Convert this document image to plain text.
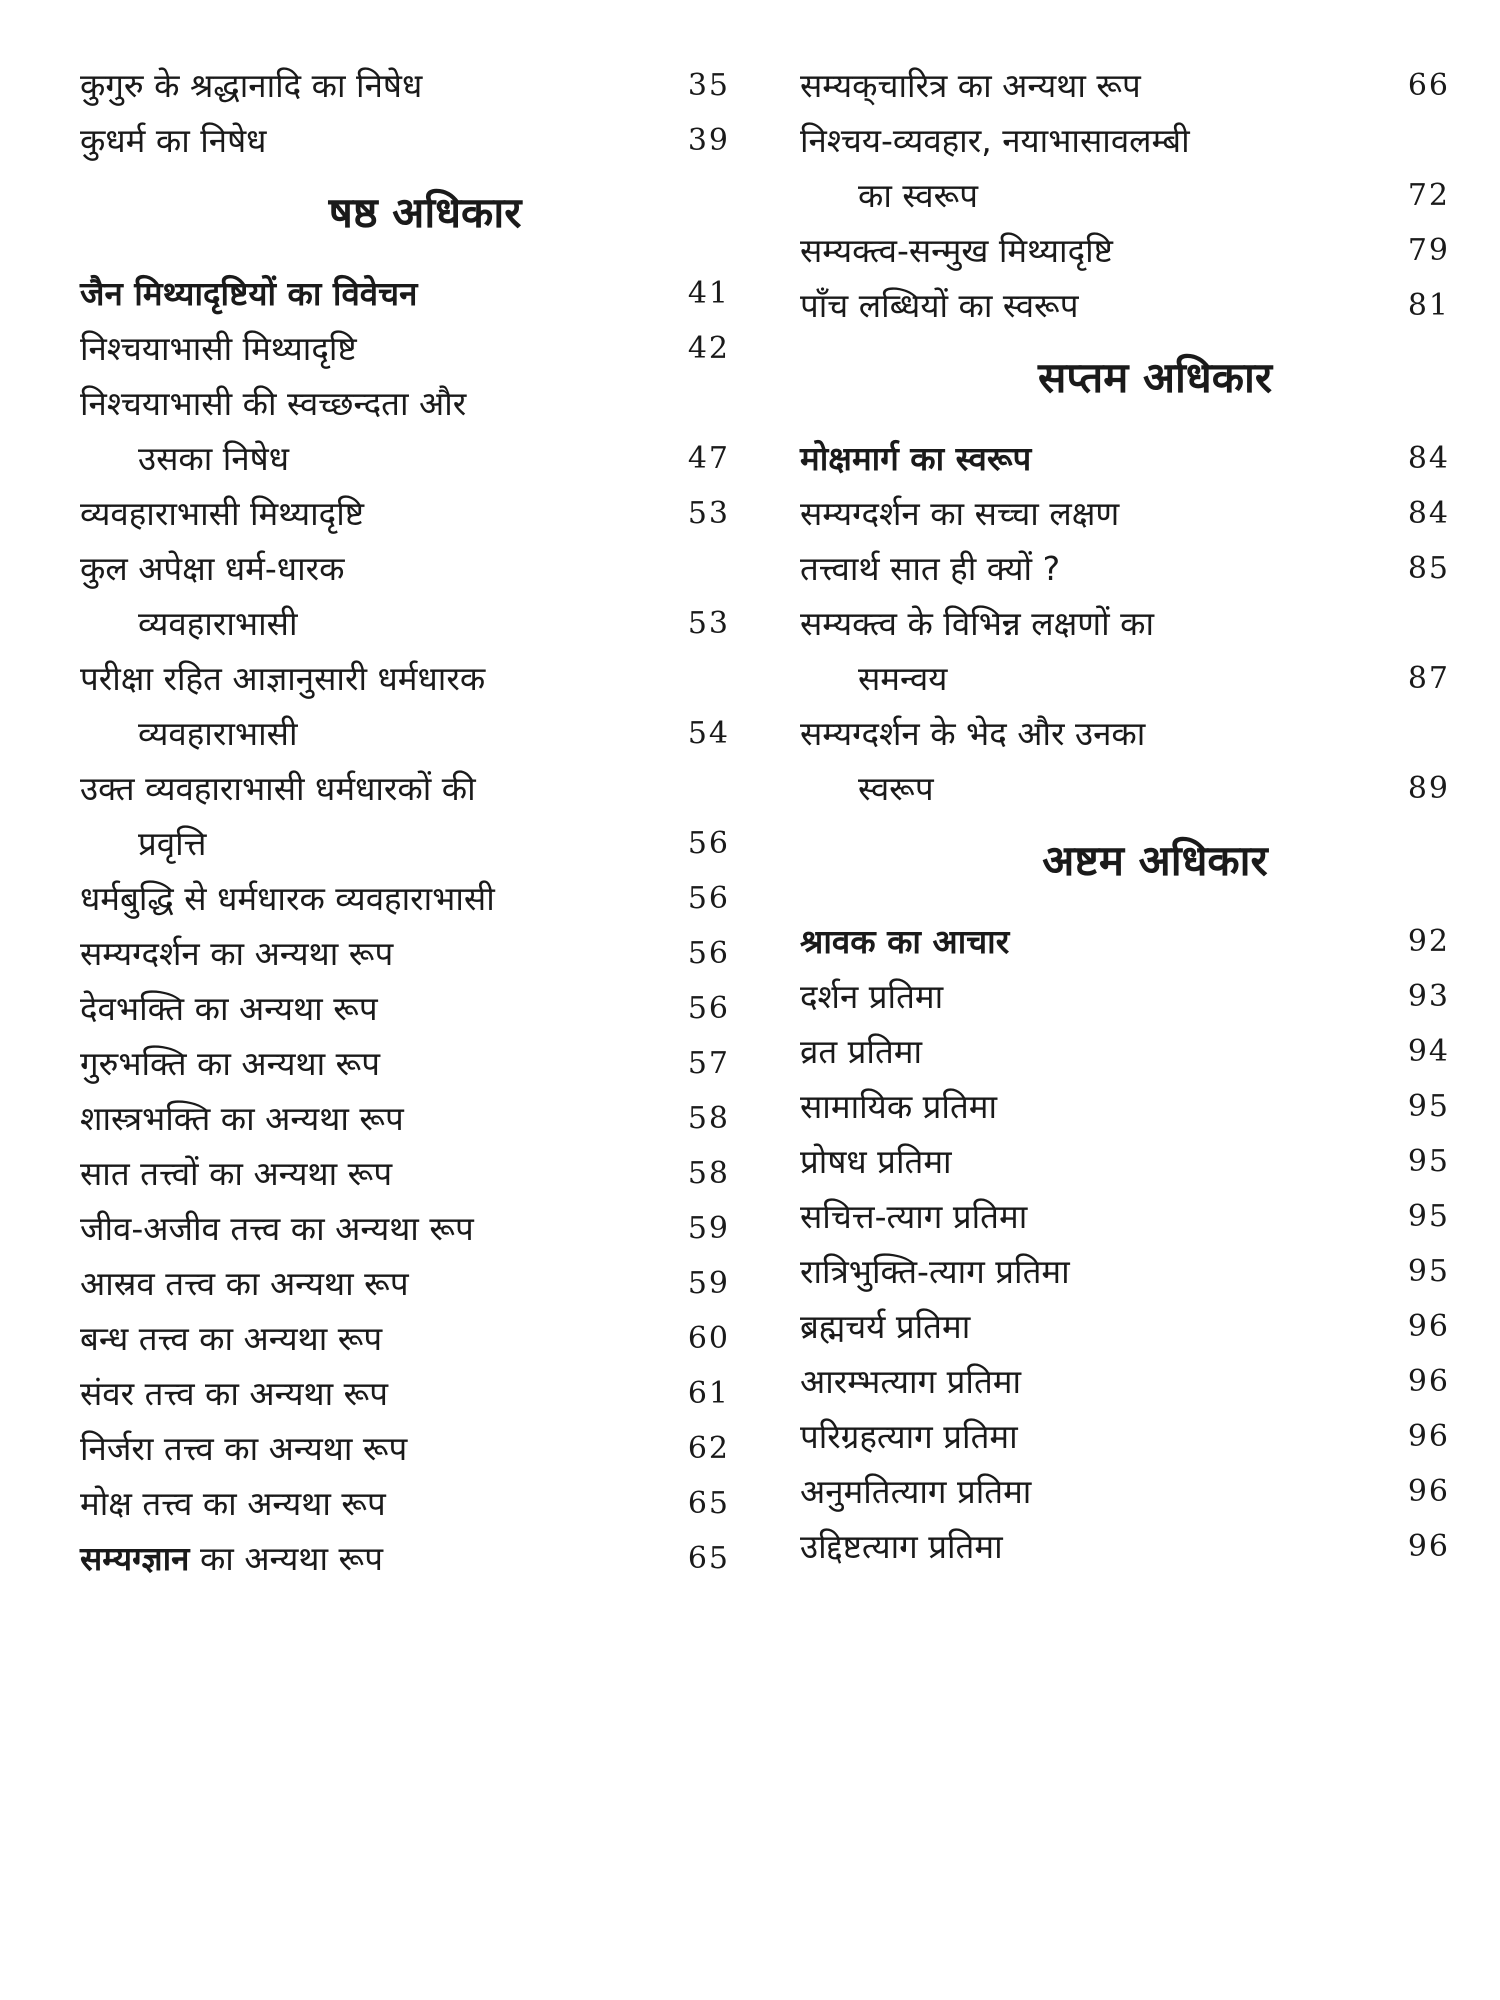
कुगुरु के श्रद्धानादि का निषेध	35
कुधर्म का निषेध	39
षष्ठ अधिकार
जैन मिथ्यादृष्टियों का विवेचन	41
निश्चयाभासी मिथ्यादृष्टि	42
निश्चयाभासी की स्वच्छन्दता और
उसका निषेध	47
व्यवहाराभासी मिथ्यादृष्टि	53
कुल अपेक्षा धर्म-धारक
व्यवहाराभासी	53
परीक्षा रहित आज्ञानुसारी धर्मधारक
व्यवहाराभासी	54
उक्त व्यवहाराभासी धर्मधारकों की
प्रवृत्ति	56
धर्मबुद्धि से धर्मधारक व्यवहाराभासी	56
सम्यग्दर्शन का अन्यथा रूप	56
देवभक्ति का अन्यथा रूप	56
गुरुभक्ति का अन्यथा रूप	57
शास्त्रभक्ति का अन्यथा रूप	58
सात तत्त्वों का अन्यथा रूप	58
जीव-अजीव तत्त्व का अन्यथा रूप	59
आस्रव तत्त्व का अन्यथा रूप	59
बन्ध तत्त्व का अन्यथा रूप	60
संवर तत्त्व का अन्यथा रूप	61
निर्जरा तत्त्व का अन्यथा रूप	62
मोक्ष तत्त्व का अन्यथा रूप	65
सम्यग्ज्ञान का अन्यथा रूप	65
सम्यक्‌चारित्र का अन्यथा रूप	66
निश्चय-व्यवहार, नयाभासावलम्बी
का स्वरूप	72
सम्यक्त्व-सन्मुख मिथ्यादृष्टि	79
पाँच लब्धियों का स्वरूप	81
सप्तम अधिकार
मोक्षमार्ग का स्वरूप	84
सम्यग्दर्शन का सच्चा लक्षण	84
तत्त्वार्थ सात ही क्यों ?	85
सम्यक्त्व के विभिन्न लक्षणों का
समन्वय	87
सम्यग्दर्शन के भेद और उनका
स्वरूप	89
अष्टम अधिकार
श्रावक का आचार	92
दर्शन प्रतिमा	93
व्रत प्रतिमा	94
सामायिक प्रतिमा	95
प्रोषध प्रतिमा	95
सचित्त-त्याग प्रतिमा	95
रात्रिभुक्ति-त्याग प्रतिमा	95
ब्रह्मचर्य प्रतिमा	96
आरम्भत्याग प्रतिमा	96
परिग्रहत्याग प्रतिमा	96
अनुमतित्याग प्रतिमा	96
उद्दिष्टत्याग प्रतिमा	96
